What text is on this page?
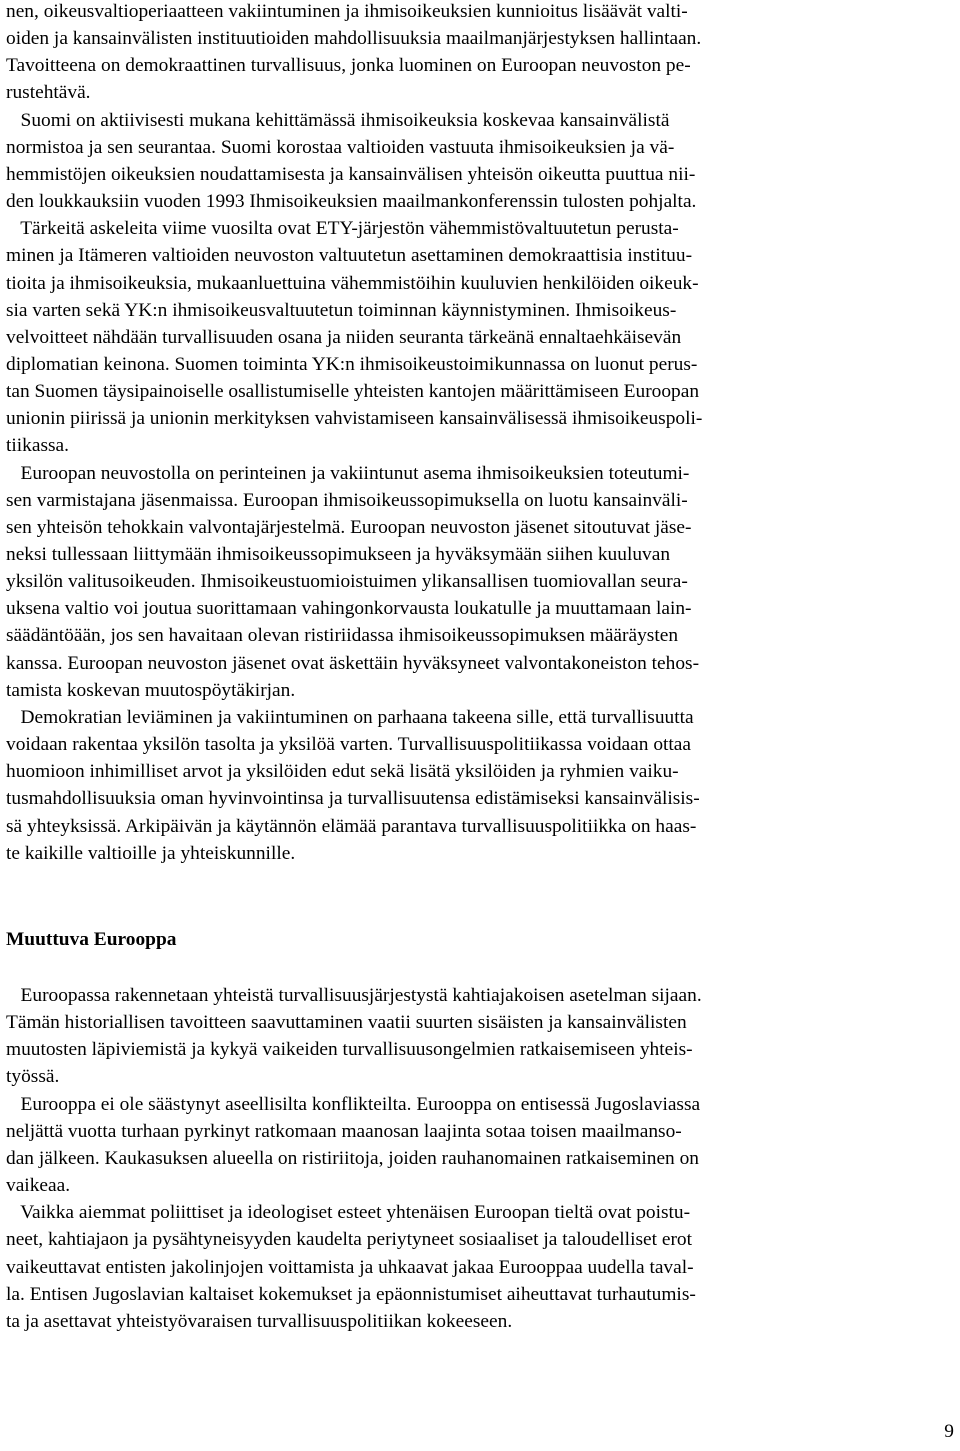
nen, oikeusvaltioperiaatteen vakiintuminen ja ihmisoikeuksien kunnioitus lisäävät valti-

oiden ja kansainvälisten instituutioiden mahdollisuuksia maailmanjärjestyksen hallintaan.

Tavoitteena on demokraattinen turvallisuus, jonka luominen on Euroopan neuvoston pe-

rustehtävä.

Suomi on aktiivisesti mukana kehittämässä ihmisoikeuksia koskevaa kansainvälistä

normistoa ja sen seurantaa. Suomi korostaa valtioiden vastuuta ihmisoikeuksien ja vä-

hemmistöjen oikeuksien noudattamisesta ja kansainvälisen yhteisön oikeutta puuttua nii-

den loukkauksiin vuoden 1993 Ihmisoikeuksien maailmankonferenssin tulosten pohjalta.

Tärkeitä askeleita viime vuosilta ovat ETY-järjestön vähemmistövaltuutetun perusta-

minen ja Itämeren valtioiden neuvoston valtuutetun asettaminen demokraattisia instituu-

tioita ja ihmisoikeuksia, mukaanluettuina vähemmistöihin kuuluvien henkilöiden oikeuk-

sia varten sekä YK:n ihmisoikeusvaltuutetun toiminnan käynnistyminen. Ihmisoikeus-

velvoitteet nähdään turvallisuuden osana ja niiden seuranta tärkeänä ennaltaehkäisevän

diplomatian keinona. Suomen toiminta YK:n ihmisoikeustoimikunnassa on luonut perus-

tan Suomen täysipainoiselle osallistumiselle yhteisten kantojen määrittämiseen Euroopan

unionin piirissä ja unionin merkityksen vahvistamiseen kansainvälisessä ihmisoikeuspoli-

tiikassa.

Euroopan neuvostolla on perinteinen ja vakiintunut asema ihmisoikeuksien toteutumi-

sen varmistajana jäsenmaissa. Euroopan ihmisoikeussopimuksella on luotu kansainväli-

sen yhteisön tehokkain valvontajärjestelmä. Euroopan neuvoston jäsenet sitoutuvat jäse-

neksi tullessaan liittymään ihmisoikeussopimukseen ja hyväksymään siihen kuuluvan

yksilön valitusoikeuden. Ihmisoikeustuomioistuimen ylikansallisen tuomiovallan seura-

uksena valtio voi joutua suorittamaan vahingonkorvausta loukatulle ja muuttamaan lain-

säädäntöään, jos sen havaitaan olevan ristiriidassa ihmisoikeussopimuksen määräysten

kanssa. Euroopan neuvoston jäsenet ovat äskettäin hyväksyneet valvontakoneiston tehos-

tamista koskevan muutospöytäkirjan.

Demokratian leviäminen ja vakiintuminen on parhaana takeena sille, että turvallisuutta

voidaan rakentaa yksilön tasolta ja yksilöä varten. Turvallisuuspolitiikassa voidaan ottaa

huomioon inhimilliset arvot ja yksilöiden edut sekä lisätä yksilöiden ja ryhmien vaiku-

tusmahdollisuuksia oman hyvinvointinsa ja turvallisuutensa edistämiseksi kansainvälisis-

sä yhteyksissä. Arkipäivän ja käytännön elämää parantava turvallisuuspolitiikka on haas-

te kaikille valtioille ja yhteiskunnille.

Muuttuva Eurooppa

Euroopassa rakennetaan yhteistä turvallisuusjärjestystä kahtiajakoisen asetelman sijaan.

Tämän historiallisen tavoitteen saavuttaminen vaatii suurten sisäisten ja kansainvälisten

muutosten läpiviemistä ja kykyä vaikeiden turvallisuusongelmien ratkaisemiseen yhteis-

työssä.

Eurooppa ei ole säästynyt aseellisilta konflikteilta. Eurooppa on entisessä Jugoslaviassa

neljättä vuotta turhaan pyrkinyt ratkomaan maanosan laajinta sotaa toisen maailmanso-

dan jälkeen. Kaukasuksen alueella on ristiriitoja, joiden rauhanomainen ratkaiseminen on

vaikeaa.

Vaikka aiemmat poliittiset ja ideologiset esteet yhtenäisen Euroopan tieltä ovat poistu-

neet, kahtiajaon ja pysähtyneisyyden kaudelta periytyneet sosiaaliset ja taloudelliset erot

vaikeuttavat entisten jakolinjojen voittamista ja uhkaavat jakaa Eurooppaa uudella taval-

la. Entisen Jugoslavian kaltaiset kokemukset ja epäonnistumiset aiheuttavat turhautumis-

ta ja asettavat yhteistyövaraisen turvallisuuspolitiikan kokeeseen.

9
